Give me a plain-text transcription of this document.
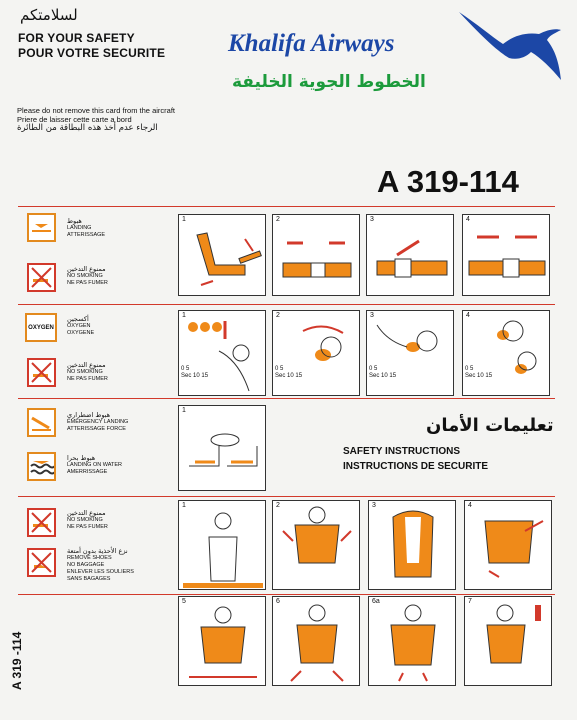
لسلامتكم
FOR YOUR SAFETY
POUR VOTRE SECURITE	Khalifa Airways
الخطوط الجوية الخليفة
Please do not remove this card from the aircraft
Priere de laisser cette carte a bord
الرجاء عدم أخذ هذه البطاقة من الطائرة
A 319-114
A 319 -114
هبوط
LANDING
ATTERISSAGE
ممنوع التدخين
NO SMOKING
NE PAS FUMER
OXYGEN
أكسجين
OXYGEN
OXYGENE
ممنوع التدخين
NO SMOKING
NE PAS FUMER
هبوط اضطراري
EMERGENCY LANDING
ATTERISSAGE FORCE
هبوط بحرا
LANDING ON WATER
AMERRISSAGE
ممنوع التدخين
NO SMOKING
NE PAS FUMER
نزع الأحذية بدون أمتعة
REMOVE SHOES
NO BAGGAGE
ENLEVER LES SOULIERS
SANS BAGAGES
1	2	3	4
1	2	3	4
0 5
Sec 10 15
0 5
Sec 10 15
0 5
Sec 10 15
0 5
Sec 10 15
1
تعليمات الأمان
SAFETY INSTRUCTIONS
INSTRUCTIONS DE SECURITE
1	2	3	4
5	6	6a	7
